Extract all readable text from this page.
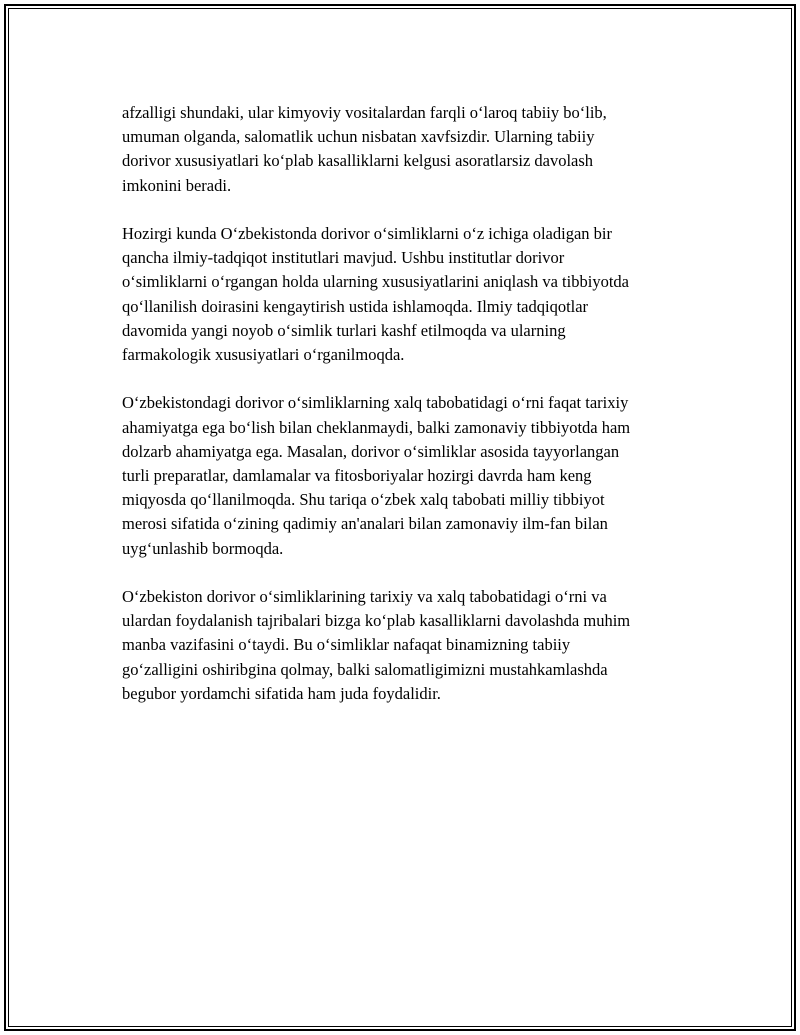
afzalligi shundaki, ular kimyoviy vositalardan farqli oʻlaroq tabiiy boʻlib,
umuman olganda, salomatlik uchun nisbatan xavfsizdir. Ularning tabiiy
dorivor xususiyatlari koʻplab kasalliklarni kelgusi asoratlarsiz davolash
imkonini beradi.

Hozirgi kunda Oʻzbekistonda dorivor oʻsimliklarni oʻz ichiga oladigan bir
qancha ilmiy-tadqiqot institutlari mavjud. Ushbu institutlar dorivor
oʻsimliklarni oʻrgangan holda ularning xususiyatlarini aniqlash va tibbiyotda
qoʻllanilish doirasini kengaytirish ustida ishlamoqda. Ilmiy tadqiqotlar
davomida yangi noyob oʻsimlik turlari kashf etilmoqda va ularning
farmakologik xususiyatlari oʻrganilmoqda.

Oʻzbekistondagi dorivor oʻsimliklarning xalq tabobatidagi oʻrni faqat tarixiy
ahamiyatga ega boʻlish bilan cheklanmaydi, balki zamonaviy tibbiyotda ham
dolzarb ahamiyatga ega. Masalan, dorivor oʻsimliklar asosida tayyorlangan
turli preparatlar, damlamalar va fitosboriyalar hozirgi davrda ham keng
miqyosda qoʻllanilmoqda. Shu tariqa oʻzbek xalq tabobati milliy tibbiyot
merosi sifatida oʻzining qadimiy an'analari bilan zamonaviy ilm-fan bilan
uygʻunlashib bormoqda.

Oʻzbekiston dorivor oʻsimliklarining tarixiy va xalq tabobatidagi oʻrni va
ulardan foydalanish tajribalari bizga koʻplab kasalliklarni davolashda muhim
manba vazifasini oʻtaydi. Bu oʻsimliklar nafaqat binamizning tabiiy
goʻzalligini oshiribgina qolmay, balki salomatligimizni mustahkamlashda
begubor yordamchi sifatida ham juda foydalidir.
